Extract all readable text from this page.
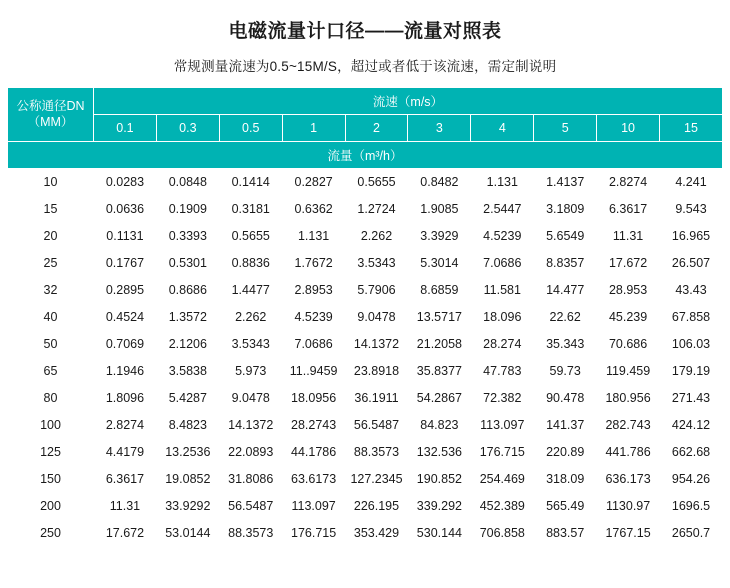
电磁流量计口径——流量对照表
常规测量流速为0.5~15M/S，超过或者低于该流速，需定制说明
公称通径DN
（MM）	流速（m/s）									
	0.1	0.3	0.5	1	2	3	4	5	10	15
流量（m³/h）										
10	0.0283	0.0848	0.1414	0.2827	0.5655	0.8482	1.131	1.4137	2.8274	4.241
15	0.0636	0.1909	0.3181	0.6362	1.2724	1.9085	2.5447	3.1809	6.3617	9.543
20	0.1131	0.3393	0.5655	1.131	2.262	3.3929	4.5239	5.6549	11.31	16.965
25	0.1767	0.5301	0.8836	1.7672	3.5343	5.3014	7.0686	8.8357	17.672	26.507
32	0.2895	0.8686	1.4477	2.8953	5.7906	8.6859	11.581	14.477	28.953	43.43
40	0.4524	1.3572	2.262	4.5239	9.0478	13.5717	18.096	22.62	45.239	67.858
50	0.7069	2.1206	3.5343	7.0686	14.1372	21.2058	28.274	35.343	70.686	106.03
65	1.1946	3.5838	5.973	11..9459	23.8918	35.8377	47.783	59.73	119.459	179.19
80	1.8096	5.4287	9.0478	18.0956	36.1911	54.2867	72.382	90.478	180.956	271.43
100	2.8274	8.4823	14.1372	28.2743	56.5487	84.823	113.097	141.37	282.743	424.12
125	4.4179	13.2536	22.0893	44.1786	88.3573	132.536	176.715	220.89	441.786	662.68
150	6.3617	19.0852	31.8086	63.6173	127.2345	190.852	254.469	318.09	636.173	954.26
200	11.31	33.9292	56.5487	113.097	226.195	339.292	452.389	565.49	1130.97	1696.5
250	17.672	53.0144	88.3573	176.715	353.429	530.144	706.858	883.57	1767.15	2650.7
